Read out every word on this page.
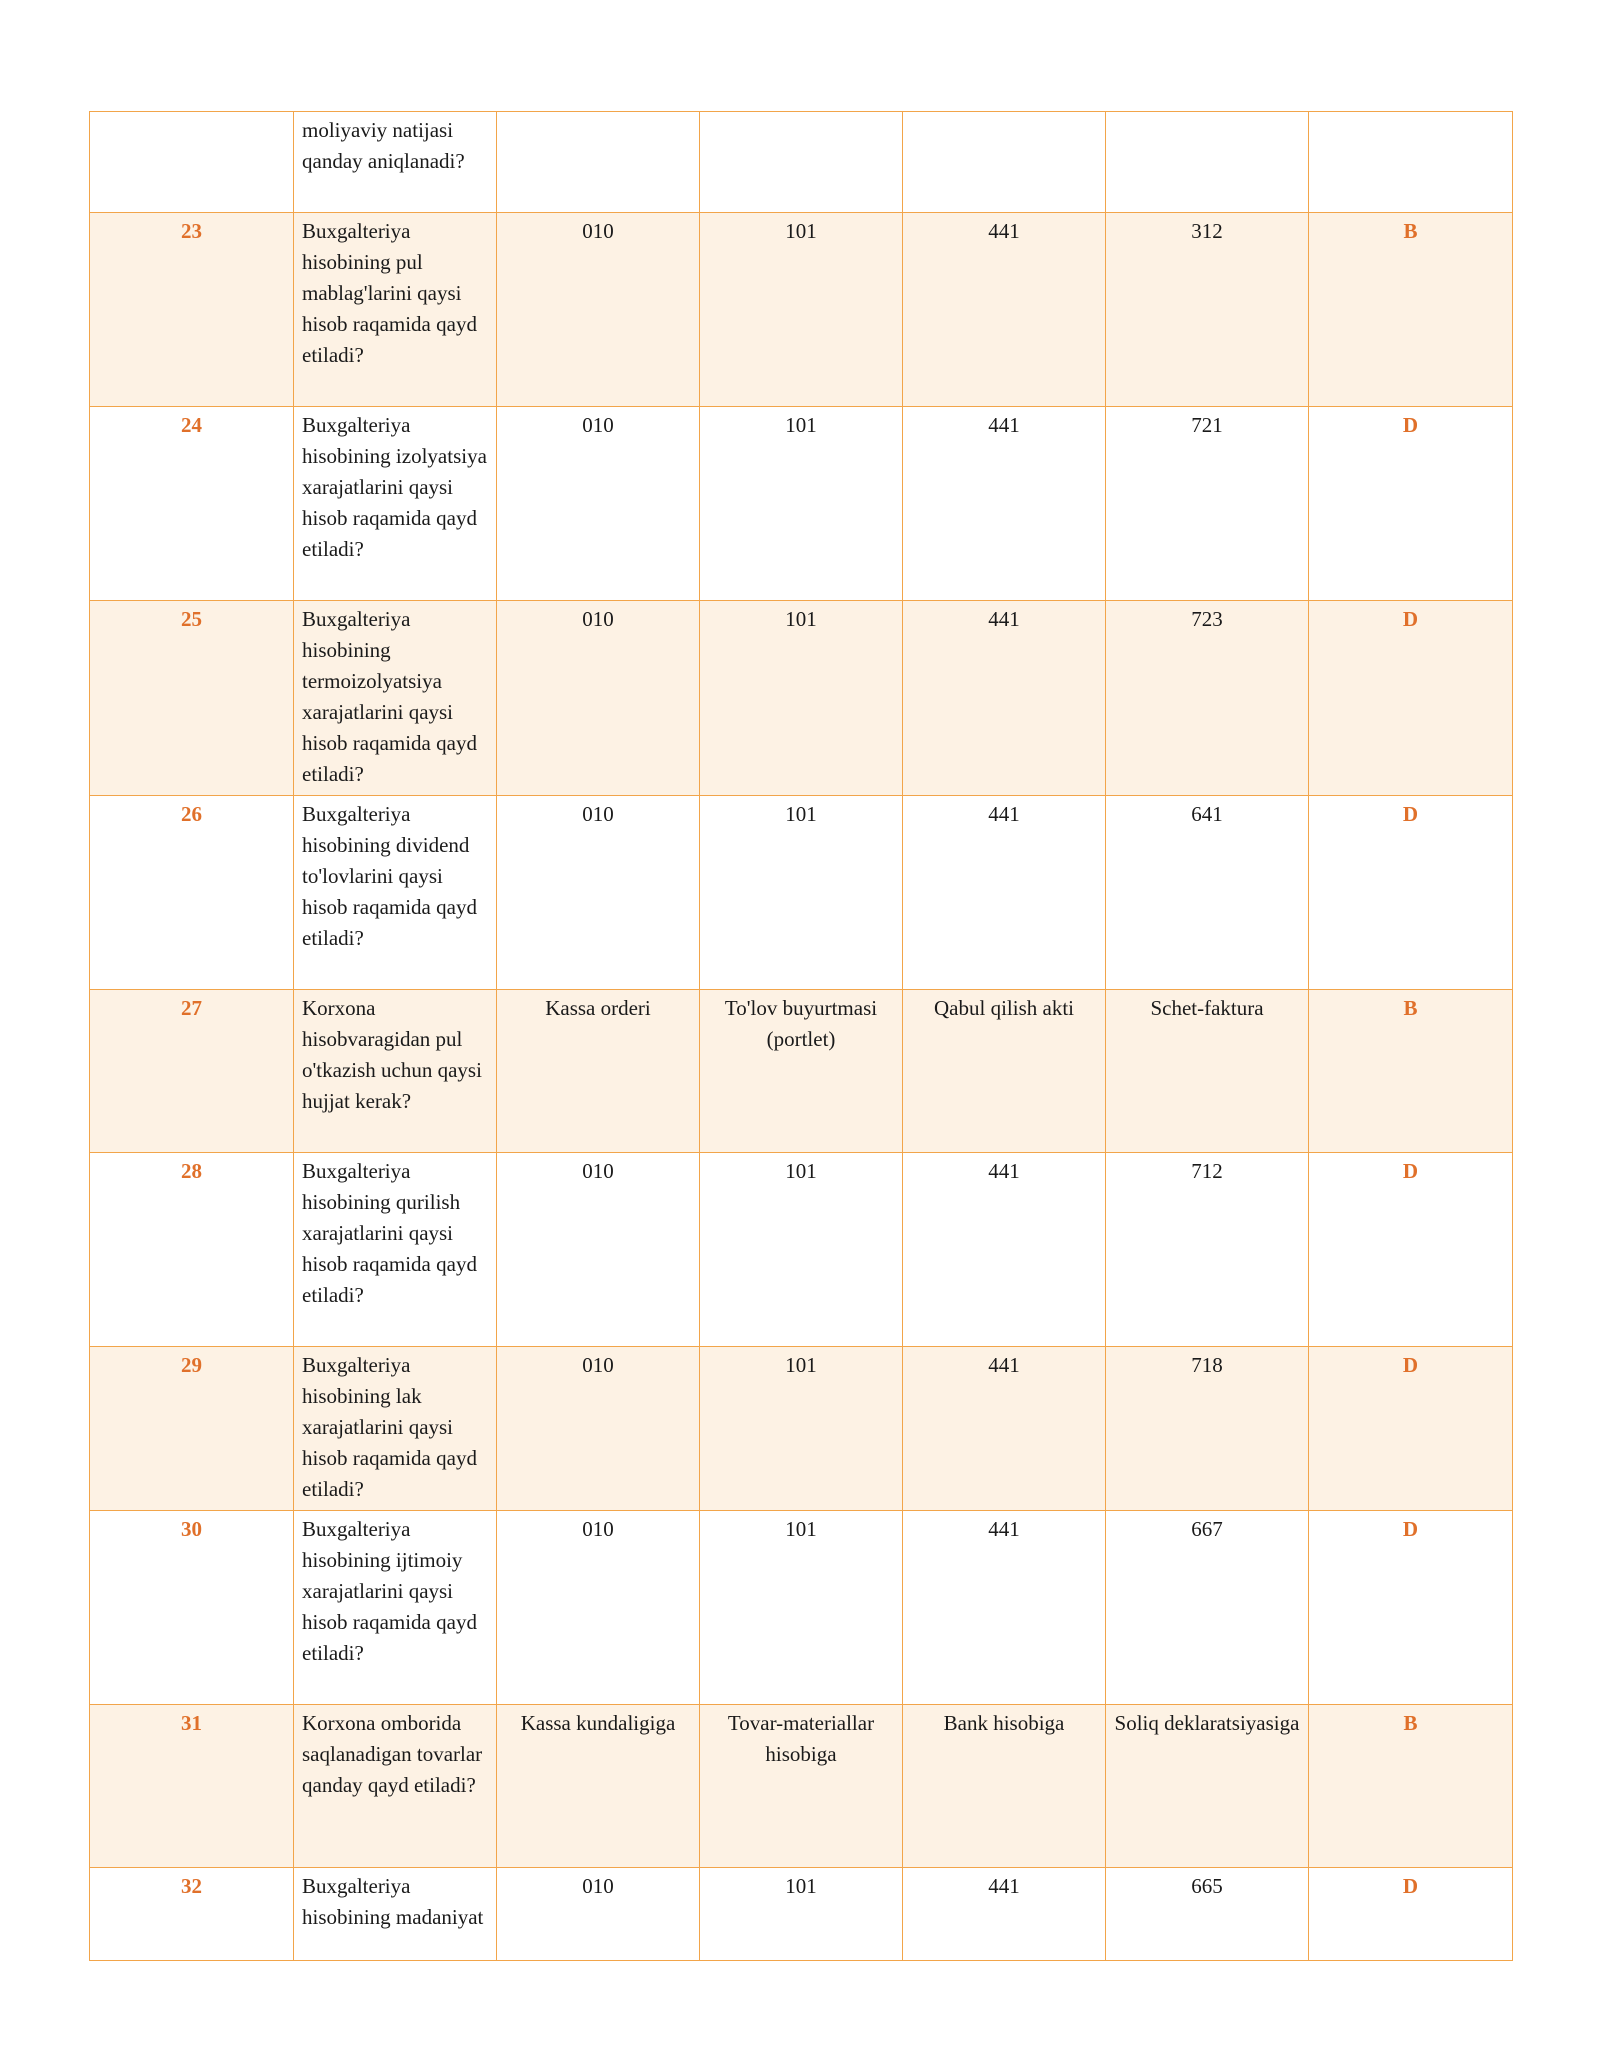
	moliyaviy natijasi qanday aniqlanadi?					
23	Buxgalteriya hisobining pul mablag'larini qaysi hisob raqamida qayd etiladi?	010	101	441	312	B
24	Buxgalteriya hisobining izolyatsiya xarajatlarini qaysi hisob raqamida qayd etiladi?	010	101	441	721	D
25	Buxgalteriya hisobining termoizolyatsiya xarajatlarini qaysi hisob raqamida qayd etiladi?	010	101	441	723	D
26	Buxgalteriya hisobining dividend to'lovlarini qaysi hisob raqamida qayd etiladi?	010	101	441	641	D
27	Korxona hisobvaragidan pul o'tkazish uchun qaysi hujjat kerak?	Kassa orderi	To'lov buyurtmasi (portlet)	Qabul qilish akti	Schet-faktura	B
28	Buxgalteriya hisobining qurilish xarajatlarini qaysi hisob raqamida qayd etiladi?	010	101	441	712	D
29	Buxgalteriya hisobining lak xarajatlarini qaysi hisob raqamida qayd etiladi?	010	101	441	718	D
30	Buxgalteriya hisobining ijtimoiy xarajatlarini qaysi hisob raqamida qayd etiladi?	010	101	441	667	D
31	Korxona omborida saqlanadigan tovarlar qanday qayd etiladi?	Kassa kundaligiga	Tovar-materiallar hisobiga	Bank hisobiga	Soliq deklaratsiyasiga	B
32	Buxgalteriya hisobining madaniyat	010	101	441	665	D
